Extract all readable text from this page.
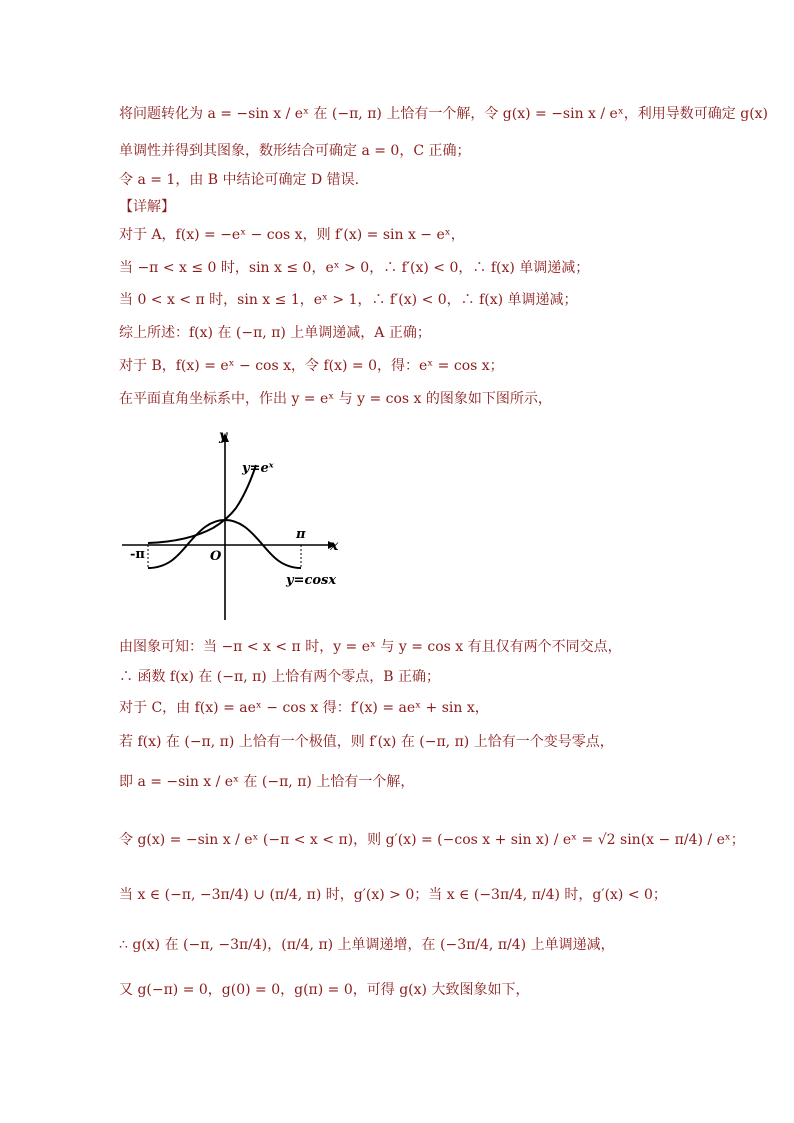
将问题转化为 a = −sin x / eˣ 在 (−π, π) 上恰有一个解，令 g(x) = −sin x / eˣ，利用导数可确定 g(x)
单调性并得到其图象，数形结合可确定 a = 0，C 正确；
令 a = 1，由 B 中结论可确定 D 错误.
【详解】
对于 A，f(x) = −eˣ − cos x，则 f′(x) = sin x − eˣ，
当 −π < x ≤ 0 时，sin x ≤ 0，eˣ > 0，∴ f′(x) < 0，∴ f(x) 单调递减；
当 0 < x < π 时，sin x ≤ 1，eˣ > 1，∴ f′(x) < 0，∴ f(x) 单调递减；
综上所述：f(x) 在 (−π, π) 上单调递减，A 正确；
对于 B，f(x) = eˣ − cos x，令 f(x) = 0，得：eˣ = cos x；
在平面直角坐标系中，作出 y = eˣ 与 y = cos x 的图象如下图所示，
y
x
O
-π
π
y=eˣ
y=cosx
由图象可知：当 −π < x < π 时，y = eˣ 与 y = cos x 有且仅有两个不同交点，
∴ 函数 f(x) 在 (−π, π) 上恰有两个零点，B 正确；
对于 C，由 f(x) = aeˣ − cos x 得：f′(x) = aeˣ + sin x，
若 f(x) 在 (−π, π) 上恰有一个极值，则 f′(x) 在 (−π, π) 上恰有一个变号零点，
即 a = −sin x / eˣ 在 (−π, π) 上恰有一个解，
令 g(x) = −sin x / eˣ (−π < x < π)，则 g′(x) = (−cos x + sin x) / eˣ = √2 sin(x − π/4) / eˣ；
当 x ∈ (−π, −3π/4) ∪ (π/4, π) 时，g′(x) > 0；当 x ∈ (−3π/4, π/4) 时，g′(x) < 0；
∴ g(x) 在 (−π, −3π/4)，(π/4, π) 上单调递增，在 (−3π/4, π/4) 上单调递减，
又 g(−π) = 0，g(0) = 0，g(π) = 0，可得 g(x) 大致图象如下，
